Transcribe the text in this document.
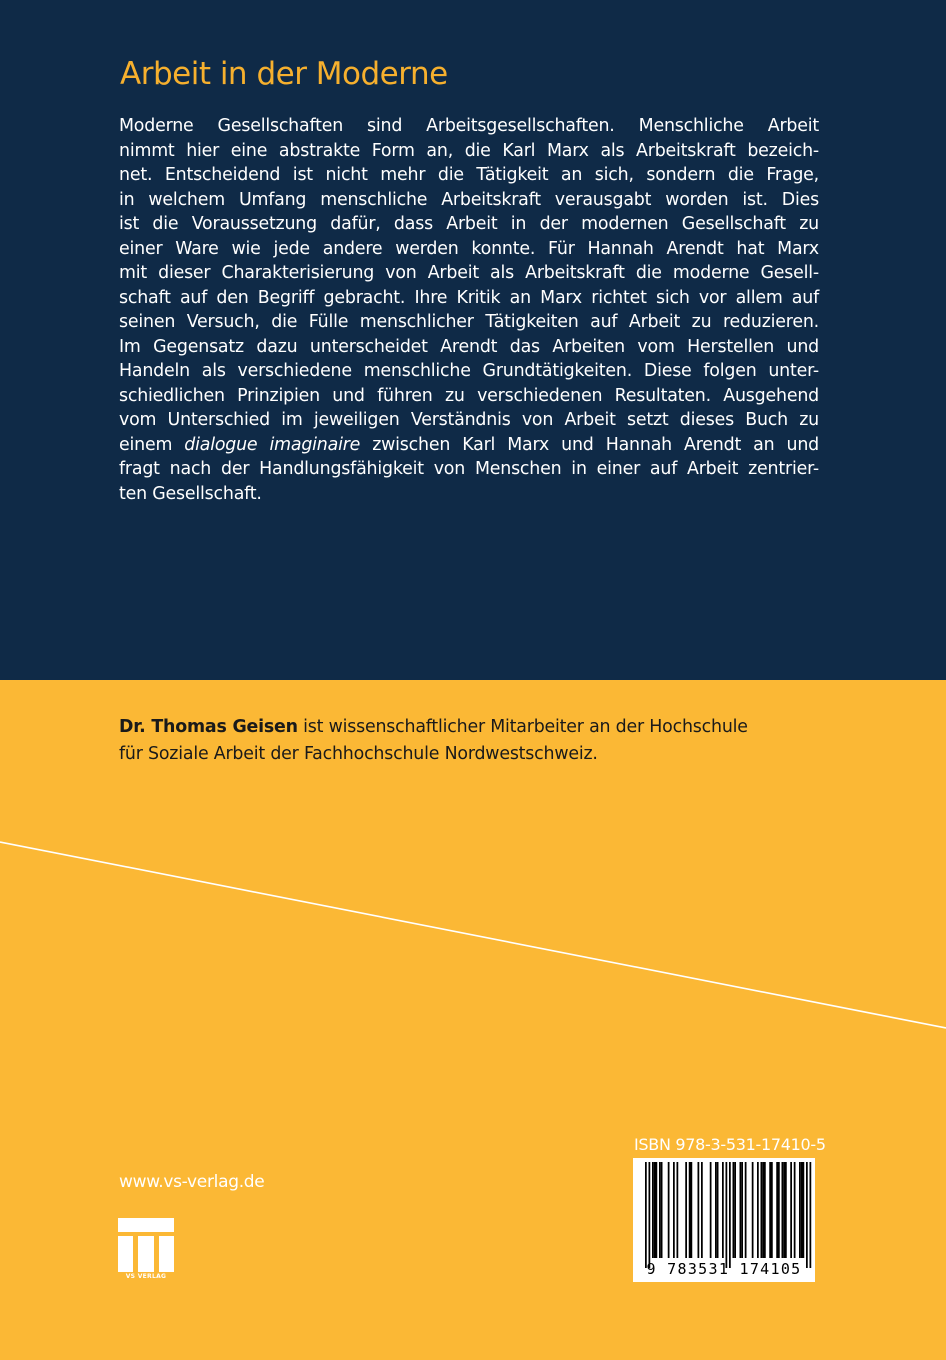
Arbeit in der Moderne
Moderne Gesellschaften sind Arbeitsgesellschaften. Menschliche Arbeit
nimmt hier eine abstrakte Form an, die Karl Marx als Arbeitskraft bezeich-
net. Entscheidend ist nicht mehr die Tätigkeit an sich, sondern die Frage,
in welchem Umfang menschliche Arbeitskraft verausgabt worden ist. Dies
ist die Voraussetzung dafür, dass Arbeit in der modernen Gesellschaft zu
einer Ware wie jede andere werden konnte. Für Hannah Arendt hat Marx
mit dieser Charakterisierung von Arbeit als Arbeitskraft die moderne Gesell-
schaft auf den Begriff gebracht. Ihre Kritik an Marx richtet sich vor allem auf
seinen Versuch, die Fülle menschlicher Tätigkeiten auf Arbeit zu reduzieren.
Im Gegensatz dazu unterscheidet Arendt das Arbeiten vom Herstellen und
Handeln als verschiedene menschliche Grundtätigkeiten. Diese folgen unter-
schiedlichen Prinzipien und führen zu verschiedenen Resultaten. Ausgehend
vom Unterschied im jeweiligen Verständnis von Arbeit setzt dieses Buch zu
einem dialogue imaginaire zwischen Karl Marx und Hannah Arendt an und
fragt nach der Handlungsfähigkeit von Menschen in einer auf Arbeit zentrier-
ten Gesellschaft.
Dr. Thomas Geisen ist wissenschaftlicher Mitarbeiter an der Hochschule
für Soziale Arbeit der Fachhochschule Nordwestschweiz.
www.vs-verlag.de
VS VERLAG
ISBN 978-3-531-17410-5
9 783531 174105
